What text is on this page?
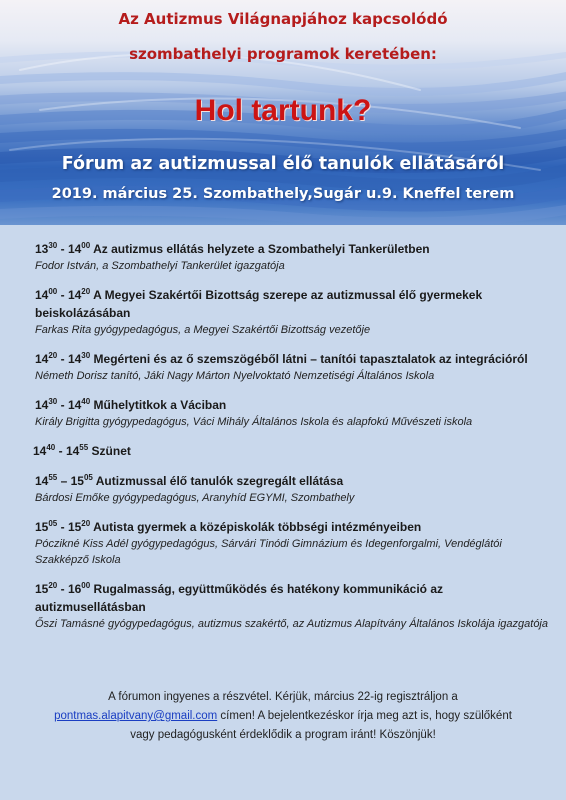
Az Autizmus Világnapjához kapcsolódó
szombathelyi programok keretében:
Hol tartunk?
Fórum az autizmussal élő tanulók ellátásáról
2019. március 25. Szombathely,Sugár u.9. Kneffel terem
$13^{30} - 14^{00}$ Az autizmus ellátás helyzete a Szombathelyi Tankerületben
Fodor István, a Szombathelyi Tankerület igazgatója
$14^{00} - 14^{20}$ A Megyei Szakértői Bizottság szerepe az autizmussal élő gyermekek beiskolázásában
Farkas Rita gyógypedagógus, a Megyei Szakértői Bizottság vezetője
$14^{20} - 14^{30}$ Megérteni és az ő szemszögéből látni – tanítói tapasztalatok az integrációról
Németh Dorisz tanító, Jáki Nagy Márton Nyelvoktató Nemzetiségi Általános Iskola
$14^{30} - 14^{40}$ Műhelytitkok a Váciban
Király Brigitta gyógypedagógus, Váci Mihály Általános Iskola és alapfokú Művészeti iskola
$14^{40} - 14^{55}$ Szünet
$14^{55} - 15^{05}$ Autizmussal élő tanulók szegregált ellátása
Bárdosi Emőke gyógypedagógus, Aranyhíd EGYMI, Szombathely
$15^{05} - 15^{20}$ Autista gyermek a középiskolák többségi intézményeiben
Póczikné Kiss Adél gyógypedagógus, Sárvári Tinódi Gimnázium és Idegenforgalmi, Vendéglátói Szakképző Iskola
$15^{20} - 16^{00}$ Rugalmasság, együttműködés és hatékony kommunikáció az autizmusellátásban
Őszi Tamásné gyógypedagógus, autizmus szakértő, az Autizmus Alapítvány Általános Iskolája igazgatója
A fórumon ingyenes a részvétel. Kérjük, március 22-ig regisztráljon a
pontmas.alapitvany@gmail.com címen! A bejelentkezéskor írja meg azt is, hogy szülőként
vagy pedagógusként érdeklődik a program iránt! Köszönjük!
